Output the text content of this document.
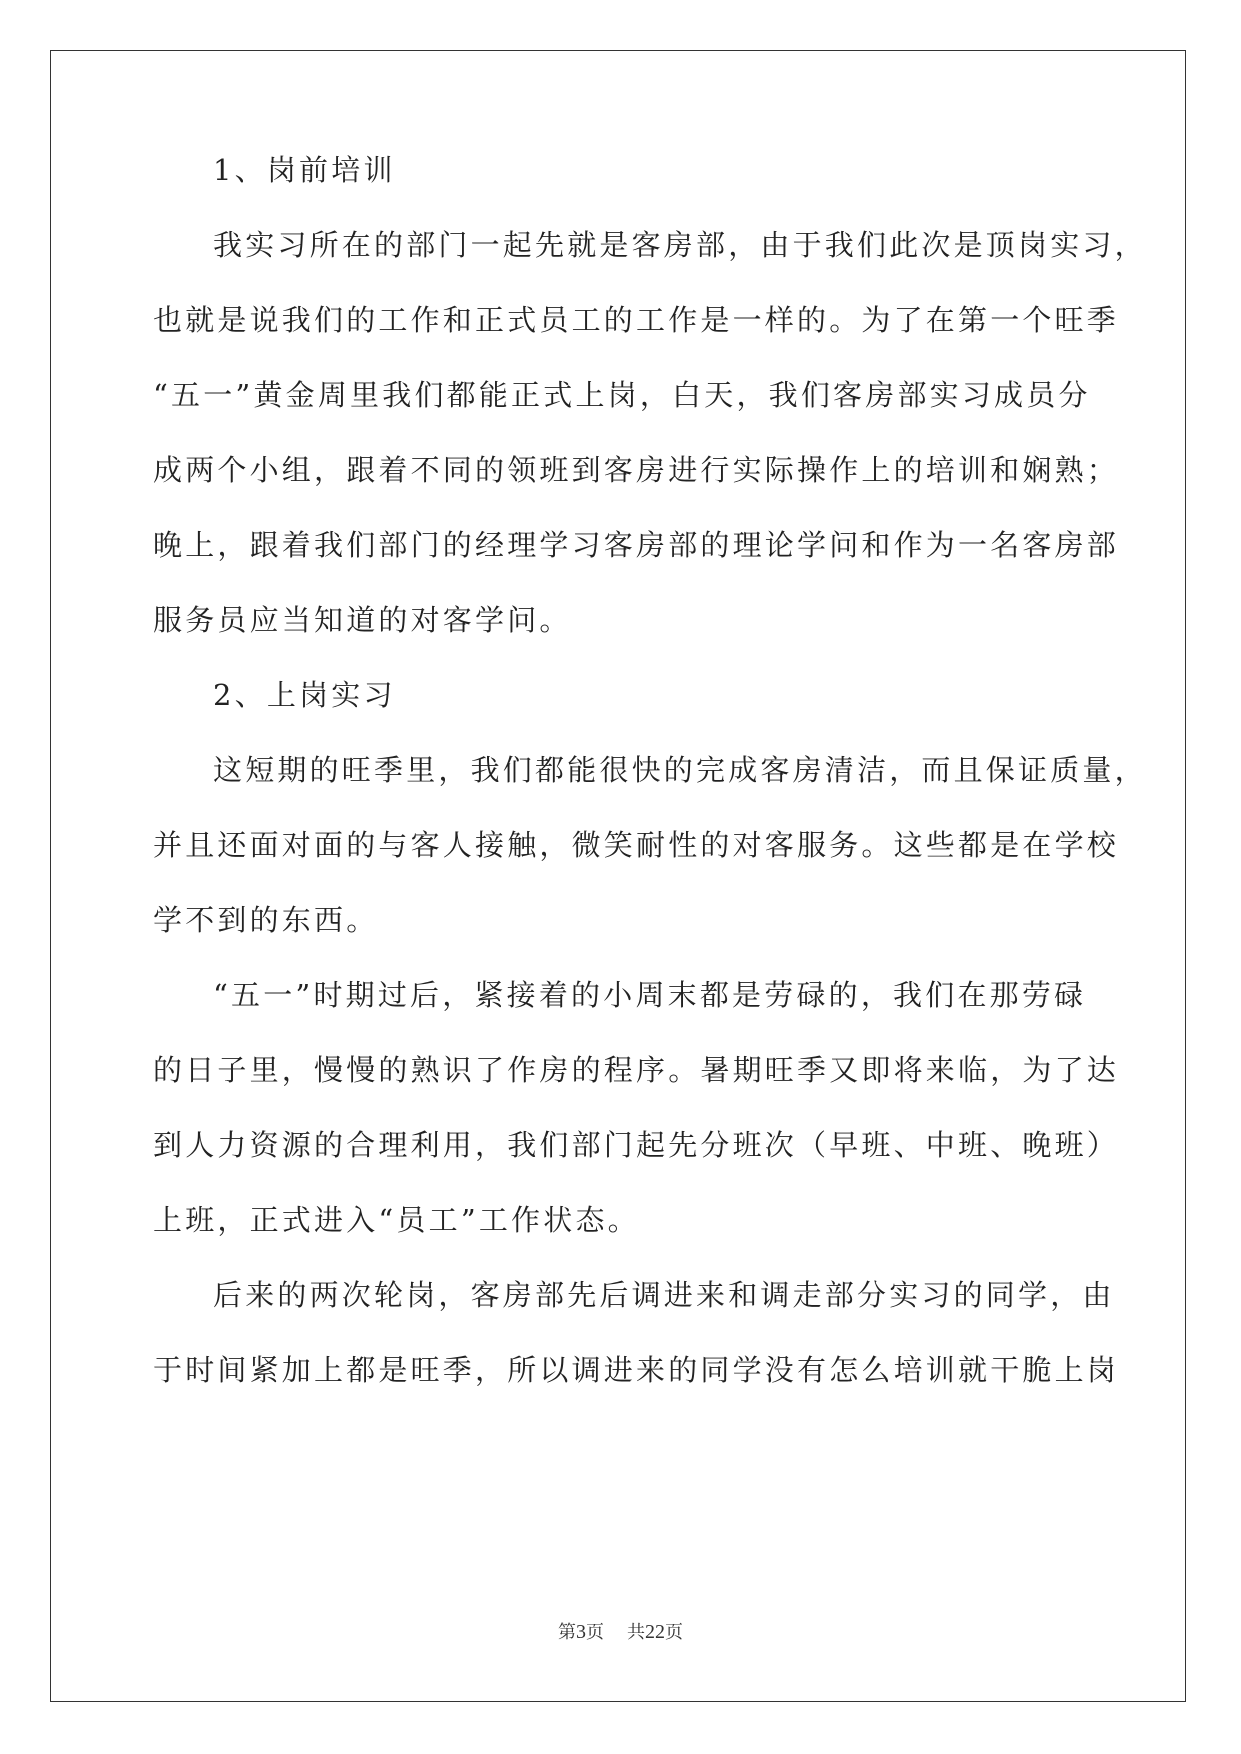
1、岗前培训
我实习所在的部门一起先就是客房部，由于我们此次是顶岗实习，
也就是说我们的工作和正式员工的工作是一样的。为了在第一个旺季
“五一”黄金周里我们都能正式上岗，白天，我们客房部实习成员分
成两个小组，跟着不同的领班到客房进行实际操作上的培训和娴熟；
晚上，跟着我们部门的经理学习客房部的理论学问和作为一名客房部
服务员应当知道的对客学问。
2、上岗实习
这短期的旺季里，我们都能很快的完成客房清洁，而且保证质量，
并且还面对面的与客人接触，微笑耐性的对客服务。这些都是在学校
学不到的东西。
“五一”时期过后，紧接着的小周末都是劳碌的，我们在那劳碌
的日子里，慢慢的熟识了作房的程序。暑期旺季又即将来临，为了达
到人力资源的合理利用，我们部门起先分班次（早班、中班、晚班）
上班，正式进入“员工”工作状态。
后来的两次轮岗，客房部先后调进来和调走部分实习的同学，由
于时间紧加上都是旺季，所以调进来的同学没有怎么培训就干脆上岗
第3页 共22页
